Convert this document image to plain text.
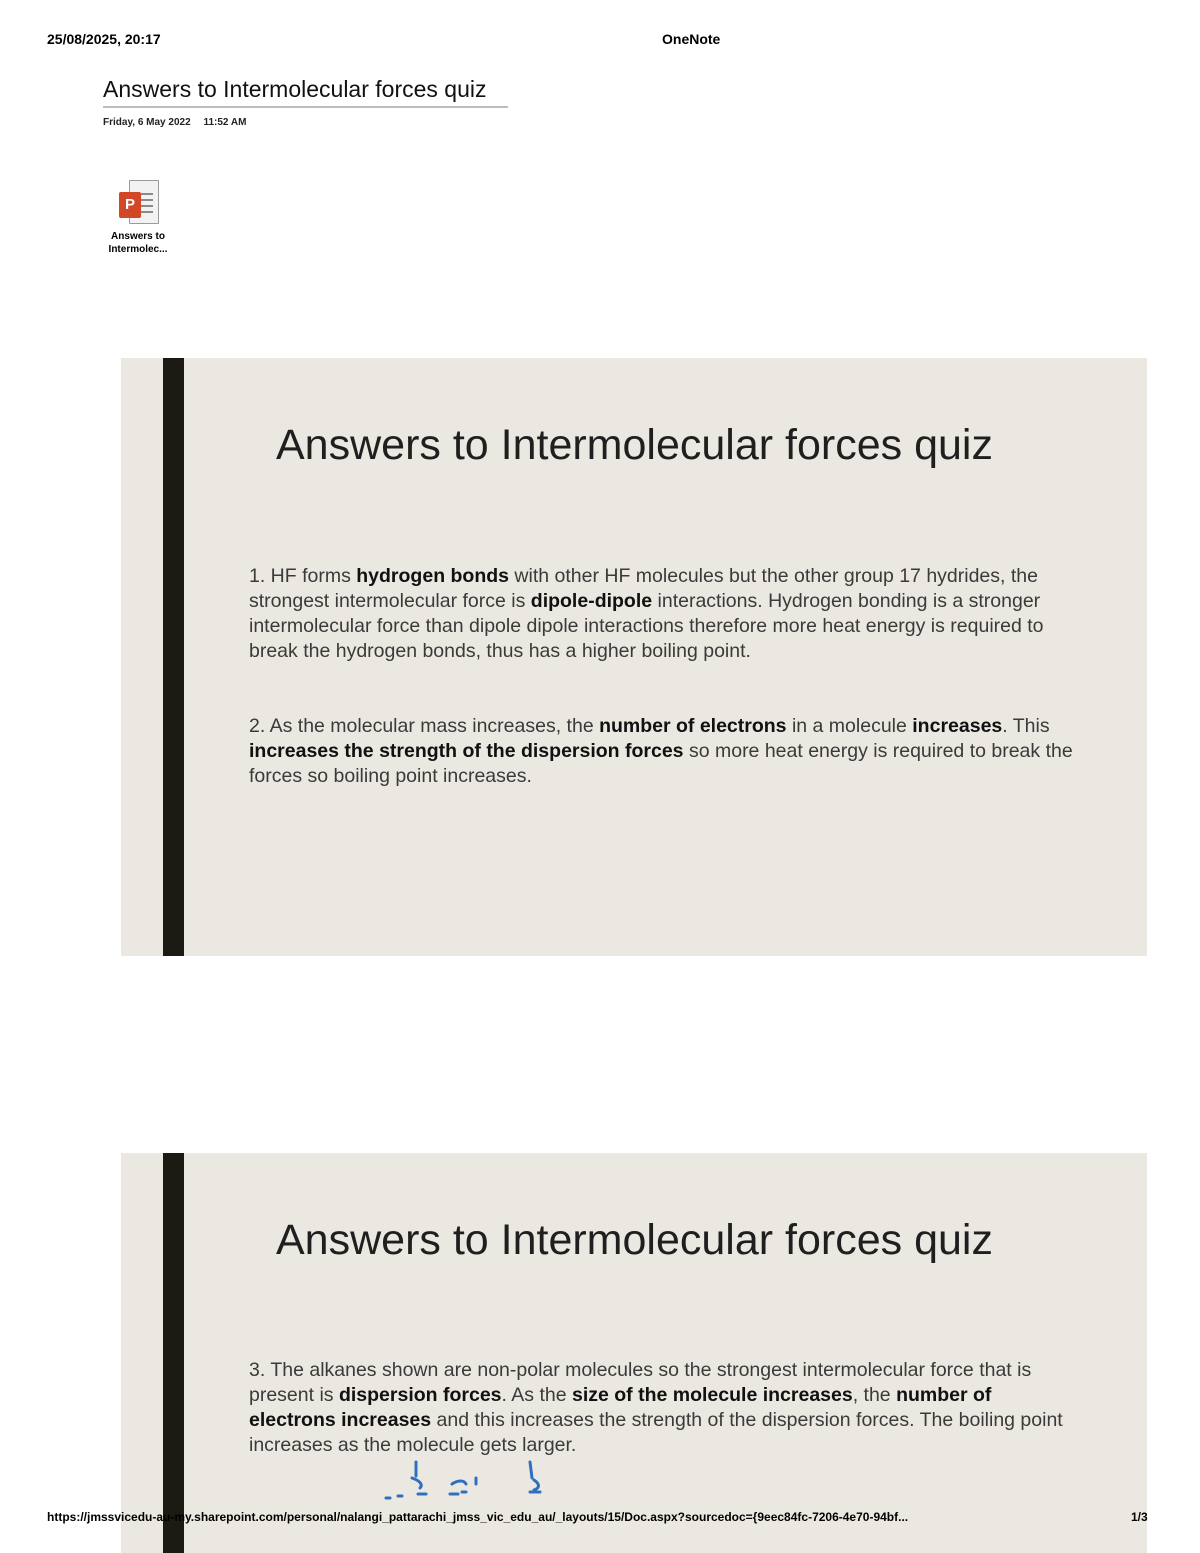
25/08/2025, 20:17	OneNote
Answers to Intermolecular forces quiz
Friday, 6 May 2022 11:52 AM
P
Answers to
Intermolec...
Answers to Intermolecular forces quiz
1. HF forms hydrogen bonds with other HF molecules but the other group 17 hydrides, the strongest intermolecular force is dipole-dipole interactions. Hydrogen bonding is a stronger intermolecular force than dipole dipole interactions therefore more heat energy is required to break the hydrogen bonds, thus has a higher boiling point.
2. As the molecular mass increases, the number of electrons in a molecule increases. This increases the strength of the dispersion forces so more heat energy is required to break the forces so boiling point increases.
Answers to Intermolecular forces quiz
3. The alkanes shown are non-polar molecules so the strongest intermolecular force that is present is dispersion forces. As the size of the molecule increases, the number of electrons increases and this increases the strength of the dispersion forces. The boiling point increases as the molecule gets larger.
https://jmssvicedu-au-my.sharepoint.com/personal/nalangi_pattarachi_jmss_vic_edu_au/_layouts/15/Doc.aspx?sourcedoc={9eec84fc-7206-4e70-94bf...	1/3
